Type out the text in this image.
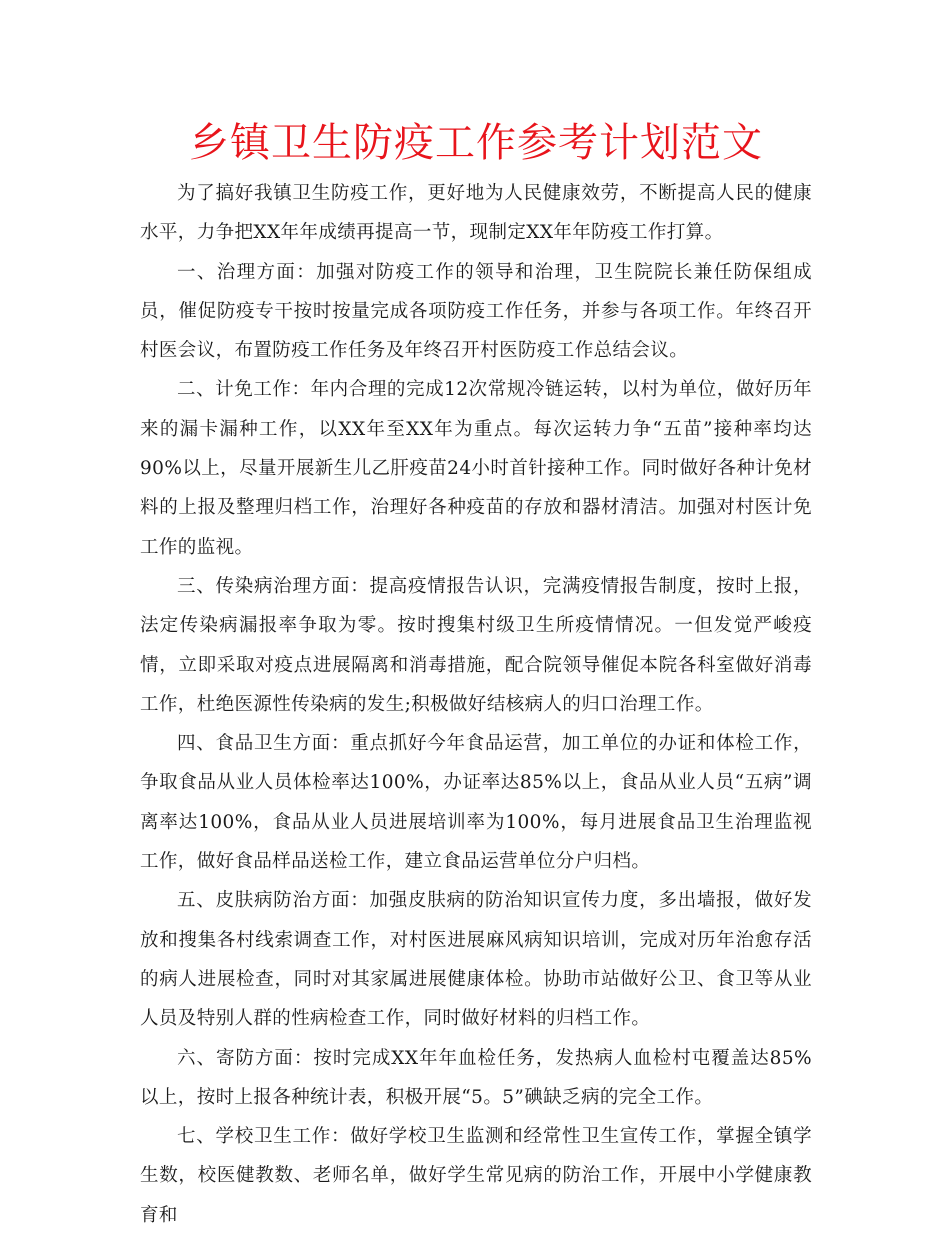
乡镇卫生防疫工作参考计划范文

为了搞好我镇卫生防疫工作，更好地为人民健康效劳，不断提高人民的健康水平，力争把XX年年成绩再提高一节，现制定XX年年防疫工作打算。

一、治理方面：加强对防疫工作的领导和治理，卫生院院长兼任防保组成员，催促防疫专干按时按量完成各项防疫工作任务，并参与各项工作。年终召开村医会议，布置防疫工作任务及年终召开村医防疫工作总结会议。

二、计免工作：年内合理的完成12次常规冷链运转，以村为单位，做好历年来的漏卡漏种工作，以XX年至XX年为重点。每次运转力争“五苗”接种率均达90%以上，尽量开展新生儿乙肝疫苗24小时首针接种工作。同时做好各种计免材料的上报及整理归档工作，治理好各种疫苗的存放和器材清洁。加强对村医计免工作的监视。

三、传染病治理方面：提高疫情报告认识，完满疫情报告制度，按时上报，法定传染病漏报率争取为零。按时搜集村级卫生所疫情情况。一但发觉严峻疫情，立即采取对疫点进展隔离和消毒措施，配合院领导催促本院各科室做好消毒工作，杜绝医源性传染病的发生;积极做好结核病人的归口治理工作。

四、食品卫生方面：重点抓好今年食品运营，加工单位的办证和体检工作，争取食品从业人员体检率达100%，办证率达85%以上，食品从业人员“五病”调离率达100%，食品从业人员进展培训率为100%，每月进展食品卫生治理监视工作，做好食品样品送检工作，建立食品运营单位分户归档。

五、皮肤病防治方面：加强皮肤病的防治知识宣传力度，多出墙报，做好发放和搜集各村线索调查工作，对村医进展麻风病知识培训，完成对历年治愈存活的病人进展检查，同时对其家属进展健康体检。协助市站做好公卫、食卫等从业人员及特别人群的性病检查工作，同时做好材料的归档工作。

六、寄防方面：按时完成XX年年血检任务，发热病人血检村屯覆盖达85%以上，按时上报各种统计表，积极开展“5。5”碘缺乏病的完全工作。

七、学校卫生工作：做好学校卫生监测和经常性卫生宣传工作，掌握全镇学生数，校医健教数、老师名单，做好学生常见病的防治工作，开展中小学健康教育和
